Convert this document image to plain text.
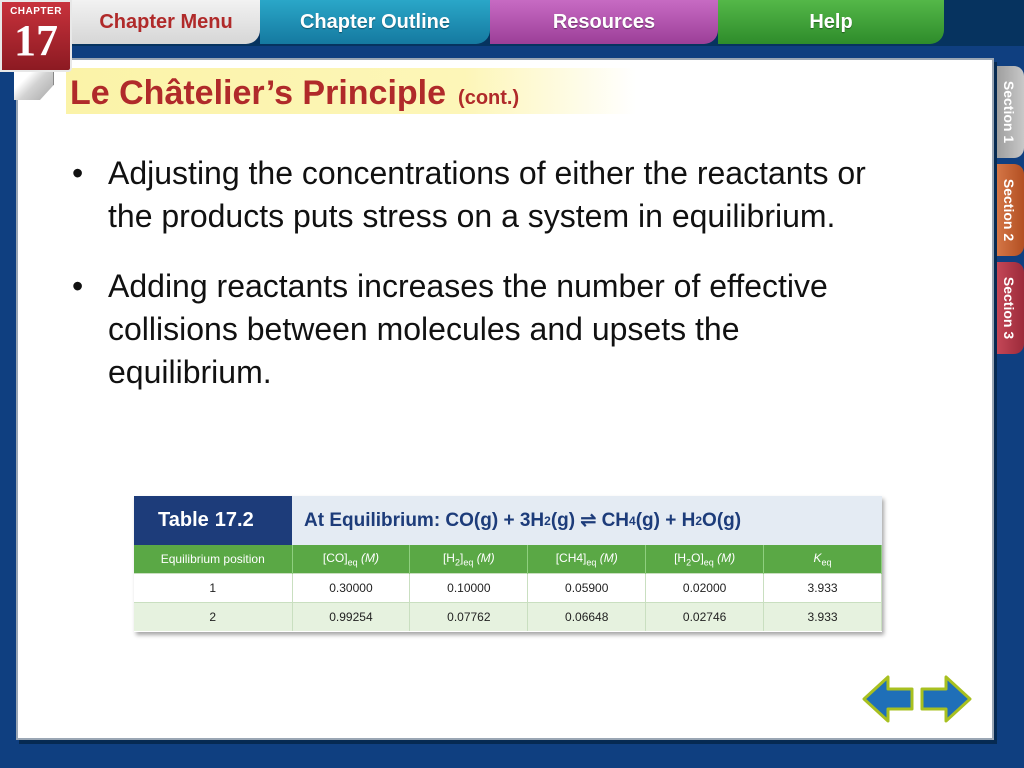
CHAPTER
17	Chapter Menu	Chapter Outline	Resources	Help
Section 1
Section 2
Section 3
Le Châtelier’s Principle (cont.)
• Adjusting the concentrations of either the reactants or the products puts stress on a system in equilibrium.
• Adding reactants increases the number of effective collisions between molecules and upsets the equilibrium.
Table 17.2	At Equilibrium: CO(g) + 3H 2 (g)
⇌
CH 4 (g) + H 2 O(g)
Equilibrium position	$[CO]_{eq}$ (M)	$[H_2]_{eq}$ (M)	$[CH4]_{eq}$ (M)	$[H_2O]_{eq}$ (M)	$K_{eq}$
1	0.30000	0.10000	0.05900	0.02000	3.933
2	0.99254	0.07762	0.06648	0.02746	3.933
